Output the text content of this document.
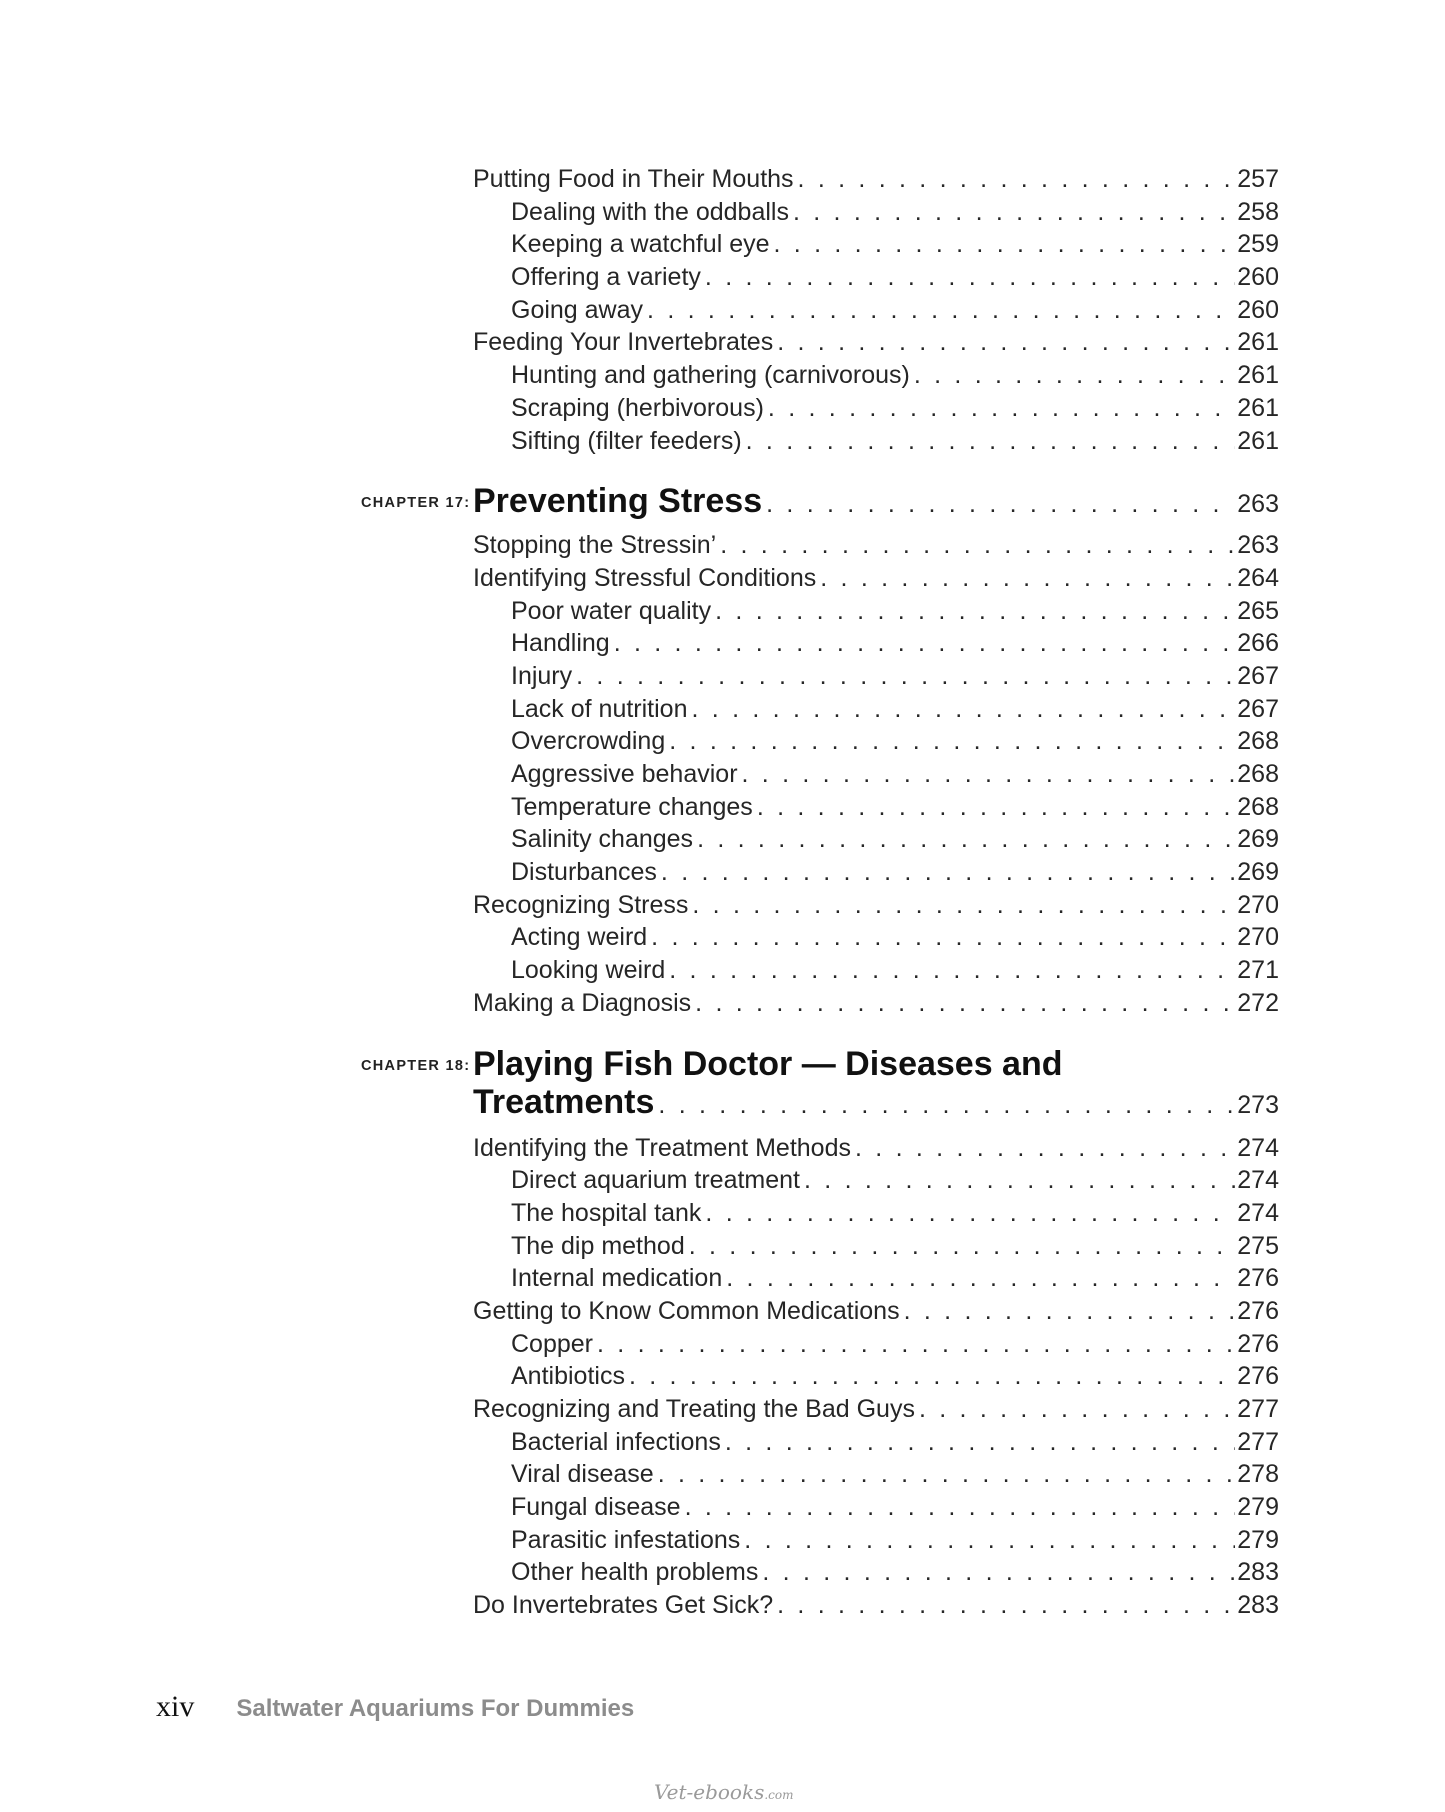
Putting Food in Their Mouths . . .	257
Dealing with the oddballs . . .	258
Keeping a watchful eye . . .	259
Offering a variety . . .	260
Going away . . .	260
Feeding Your Invertebrates . . .	261
Hunting and gathering (carnivorous) . . .	261
Scraping (herbivorous) . . .	261
Sifting (filter feeders) . . .	261
CHAPTER 17: Preventing Stress . . .	263
Stopping the Stressin’ . . .	263
Identifying Stressful Conditions . . .	264
Poor water quality . . .	265
Handling . . .	266
Injury . . .	267
Lack of nutrition . . .	267
Overcrowding . . .	268
Aggressive behavior . . .	268
Temperature changes . . .	268
Salinity changes . . .	269
Disturbances . . .	269
Recognizing Stress . . .	270
Acting weird . . .	270
Looking weird . . .	271
Making a Diagnosis . . .	272
CHAPTER 18: Playing Fish Doctor — Diseases and
Treatments . . .	273
Identifying the Treatment Methods . . .	274
Direct aquarium treatment . . .	274
The hospital tank . . .	274
The dip method . . .	275
Internal medication . . .	276
Getting to Know Common Medications . . .	276
Copper . . .	276
Antibiotics . . .	276
Recognizing and Treating the Bad Guys . . .	277
Bacterial infections . . .	277
Viral disease . . .	278
Fungal disease . . .	279
Parasitic infestations . . .	279
Other health problems . . .	283
Do Invertebrates Get Sick? . . .	283
xiv Saltwater Aquariums For Dummies
Vet-ebooks.com
